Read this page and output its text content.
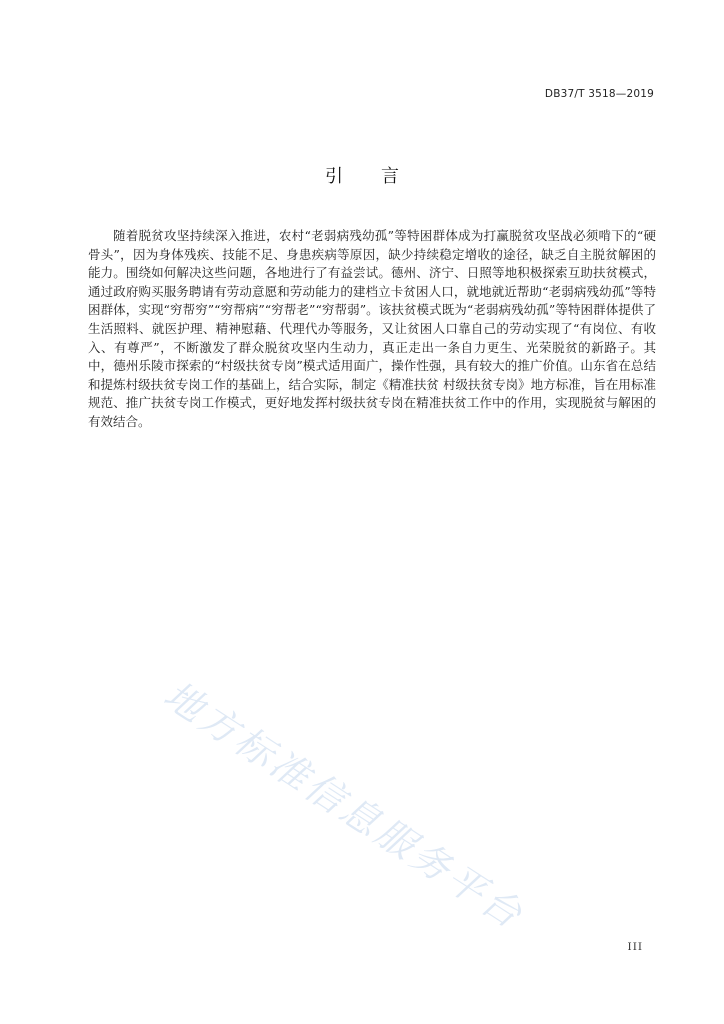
DB37/T 3518—2019
引言

随着脱贫攻坚持续深入推进，农村“老弱病残幼孤”等特困群体成为打赢脱贫攻坚战必须啃下的“硬骨头”，因为身体残疾、技能不足、身患疾病等原因，缺少持续稳定增收的途径，缺乏自主脱贫解困的能力。围绕如何解决这些问题，各地进行了有益尝试。德州、济宁、日照等地积极探索互助扶贫模式，通过政府购买服务聘请有劳动意愿和劳动能力的建档立卡贫困人口，就地就近帮助“老弱病残幼孤”等特困群体，实现“穷帮穷”“穷帮病”“穷帮老”“穷帮弱”。该扶贫模式既为“老弱病残幼孤”等特困群体提供了生活照料、就医护理、精神慰藉、代理代办等服务，又让贫困人口靠自己的劳动实现了“有岗位、有收入、有尊严”，不断激发了群众脱贫攻坚内生动力，真正走出一条自力更生、光荣脱贫的新路子。其中，德州乐陵市探索的“村级扶贫专岗”模式适用面广，操作性强，具有较大的推广价值。山东省在总结和提炼村级扶贫专岗工作的基础上，结合实际，制定《精准扶贫 村级扶贫专岗》地方标准，旨在用标准规范、推广扶贫专岗工作模式，更好地发挥村级扶贫专岗在精准扶贫工作中的作用，实现脱贫与解困的有效结合。

地方标准信息服务平台
III
